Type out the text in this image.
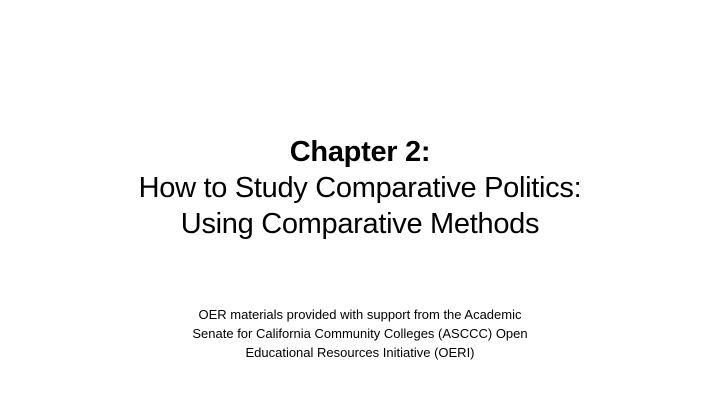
Chapter 2:
How to Study Comparative Politics:
Using Comparative Methods
OER materials provided with support from the Academic
Senate for California Community Colleges (ASCCC) Open
Educational Resources Initiative (OERI)
